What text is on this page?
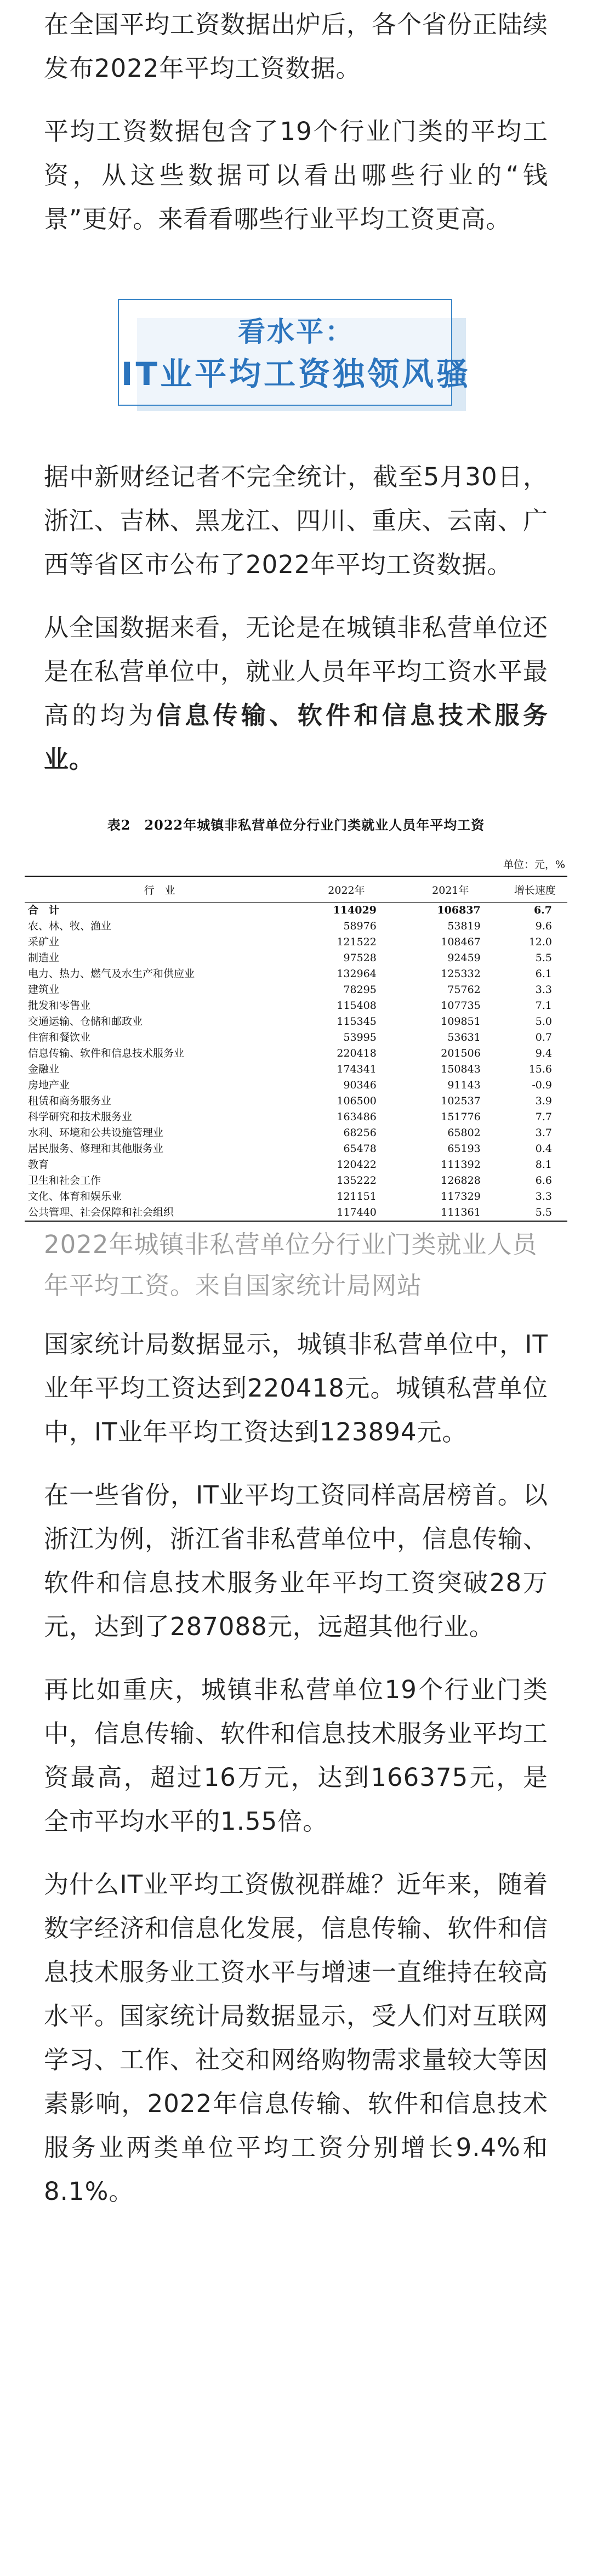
在全国平均工资数据出炉后，各个省份正陆续发布2022年平均工资数据。

平均工资数据包含了19个行业门类的平均工资，从这些数据可以看出哪些行业的“钱景”更好。来看看哪些行业平均工资更高。

看水平：
IT业平均工资独领风骚

据中新财经记者不完全统计，截至5月30日，浙江、吉林、黑龙江、四川、重庆、云南、广西等省区市公布了2022年平均工资数据。

从全国数据来看，无论是在城镇非私营单位还是在私营单位中，就业人员年平均工资水平最高的均为信息传输、软件和信息技术服务业。

表2　2022年城镇非私营单位分行业门类就业人员年平均工资
单位：元，%
行　业	2022年	2021年	增长速度
合　计	114029	106837	6.7
农、林、牧、渔业	58976	53819	9.6
采矿业	121522	108467	12.0
制造业	97528	92459	5.5
电力、热力、燃气及水生产和供应业	132964	125332	6.1
建筑业	78295	75762	3.3
批发和零售业	115408	107735	7.1
交通运输、仓储和邮政业	115345	109851	5.0
住宿和餐饮业	53995	53631	0.7
信息传输、软件和信息技术服务业	220418	201506	9.4
金融业	174341	150843	15.6
房地产业	90346	91143	-0.9
租赁和商务服务业	106500	102537	3.9
科学研究和技术服务业	163486	151776	7.7
水利、环境和公共设施管理业	68256	65802	3.7
居民服务、修理和其他服务业	65478	65193	0.4
教育	120422	111392	8.1
卫生和社会工作	135222	126828	6.6
文化、体育和娱乐业	121151	117329	3.3
公共管理、社会保障和社会组织	117440	111361	5.5

2022年城镇非私营单位分行业门类就业人员年平均工资。来自国家统计局网站

国家统计局数据显示，城镇非私营单位中，IT业年平均工资达到220418元。城镇私营单位中，IT业年平均工资达到123894元。

在一些省份，IT业平均工资同样高居榜首。以浙江为例，浙江省非私营单位中，信息传输、软件和信息技术服务业年平均工资突破28万元，达到了287088元，远超其他行业。

再比如重庆，城镇非私营单位19个行业门类中，信息传输、软件和信息技术服务业平均工资最高，超过16万元，达到166375元，是全市平均水平的1.55倍。

为什么IT业平均工资傲视群雄？近年来，随着数字经济和信息化发展，信息传输、软件和信息技术服务业工资水平与增速一直维持在较高水平。国家统计局数据显示，受人们对互联网学习、工作、社交和网络购物需求量较大等因素影响，2022年信息传输、软件和信息技术服务业两类单位平均工资分别增长9.4%和8.1%。
